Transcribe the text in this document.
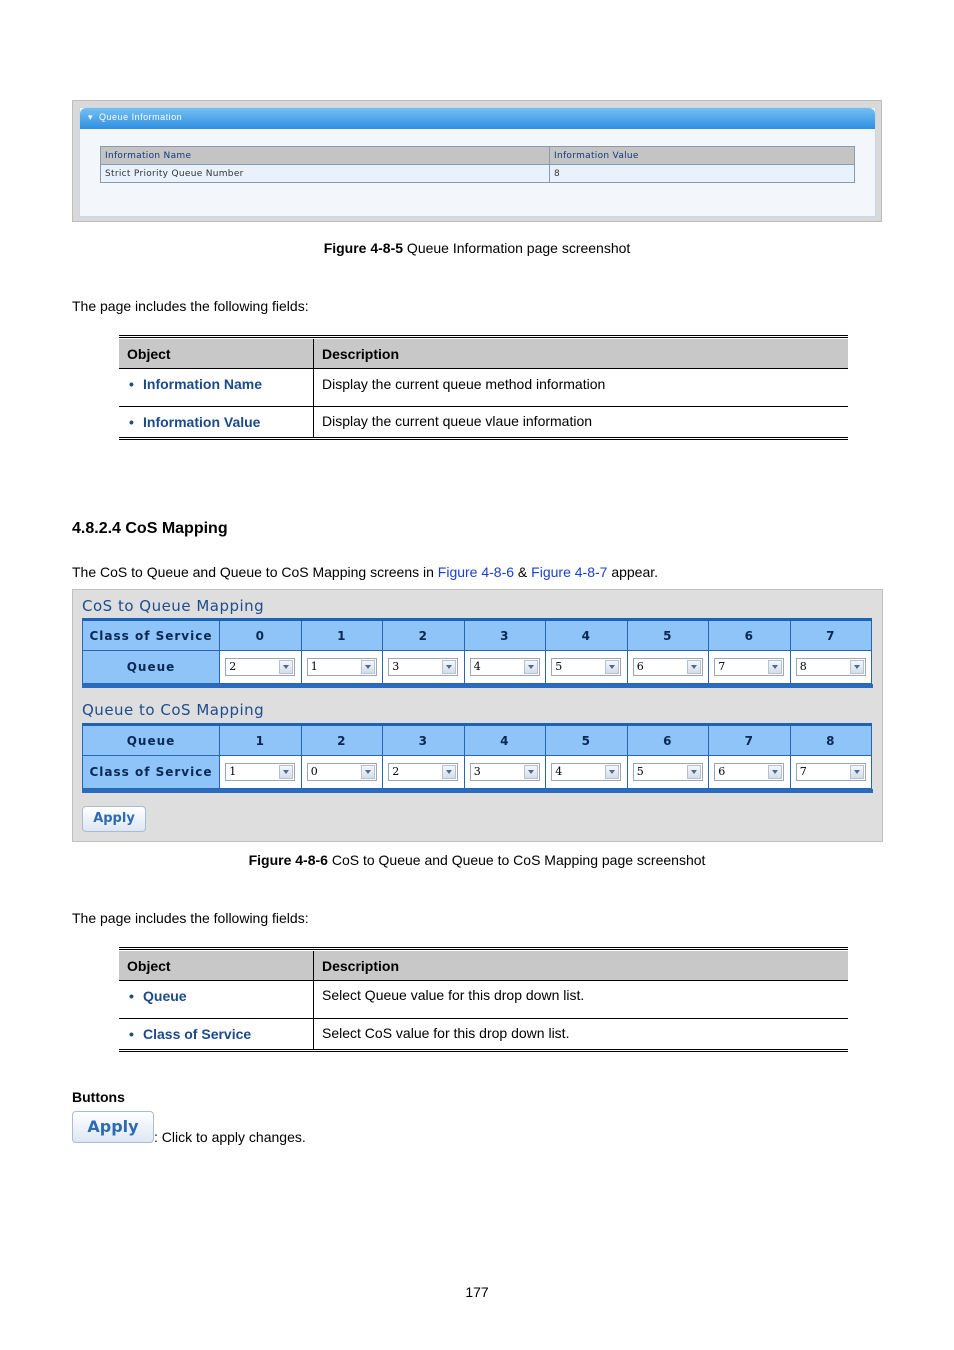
▾ Queue Information
Information Name	Information Value
Strict Priority Queue Number	8
Figure 4-8-5 Queue Information page screenshot
The page includes the following fields:
Object	Description
• Information Name	Display the current queue method information
• Information Value	Display the current queue vlaue information
4.8.2.4 CoS Mapping
The CoS to Queue and Queue to CoS Mapping screens in Figure 4-8-6 & Figure 4-8-7 appear.
CoS to Queue Mapping
Class of Service	0	1	2	3	4	5	6	7
Queue	2	1	3	4	5	6	7	8
Queue to CoS Mapping
Queue	1	2	3	4	5	6	7	8
Class of Service	1	0	2	3	4	5	6	7
Apply
Figure 4-8-6 CoS to Queue and Queue to CoS Mapping page screenshot
The page includes the following fields:
Object	Description
• Queue	Select Queue value for this drop down list.
• Class of Service	Select CoS value for this drop down list.
Buttons
Apply
: Click to apply changes.
177
